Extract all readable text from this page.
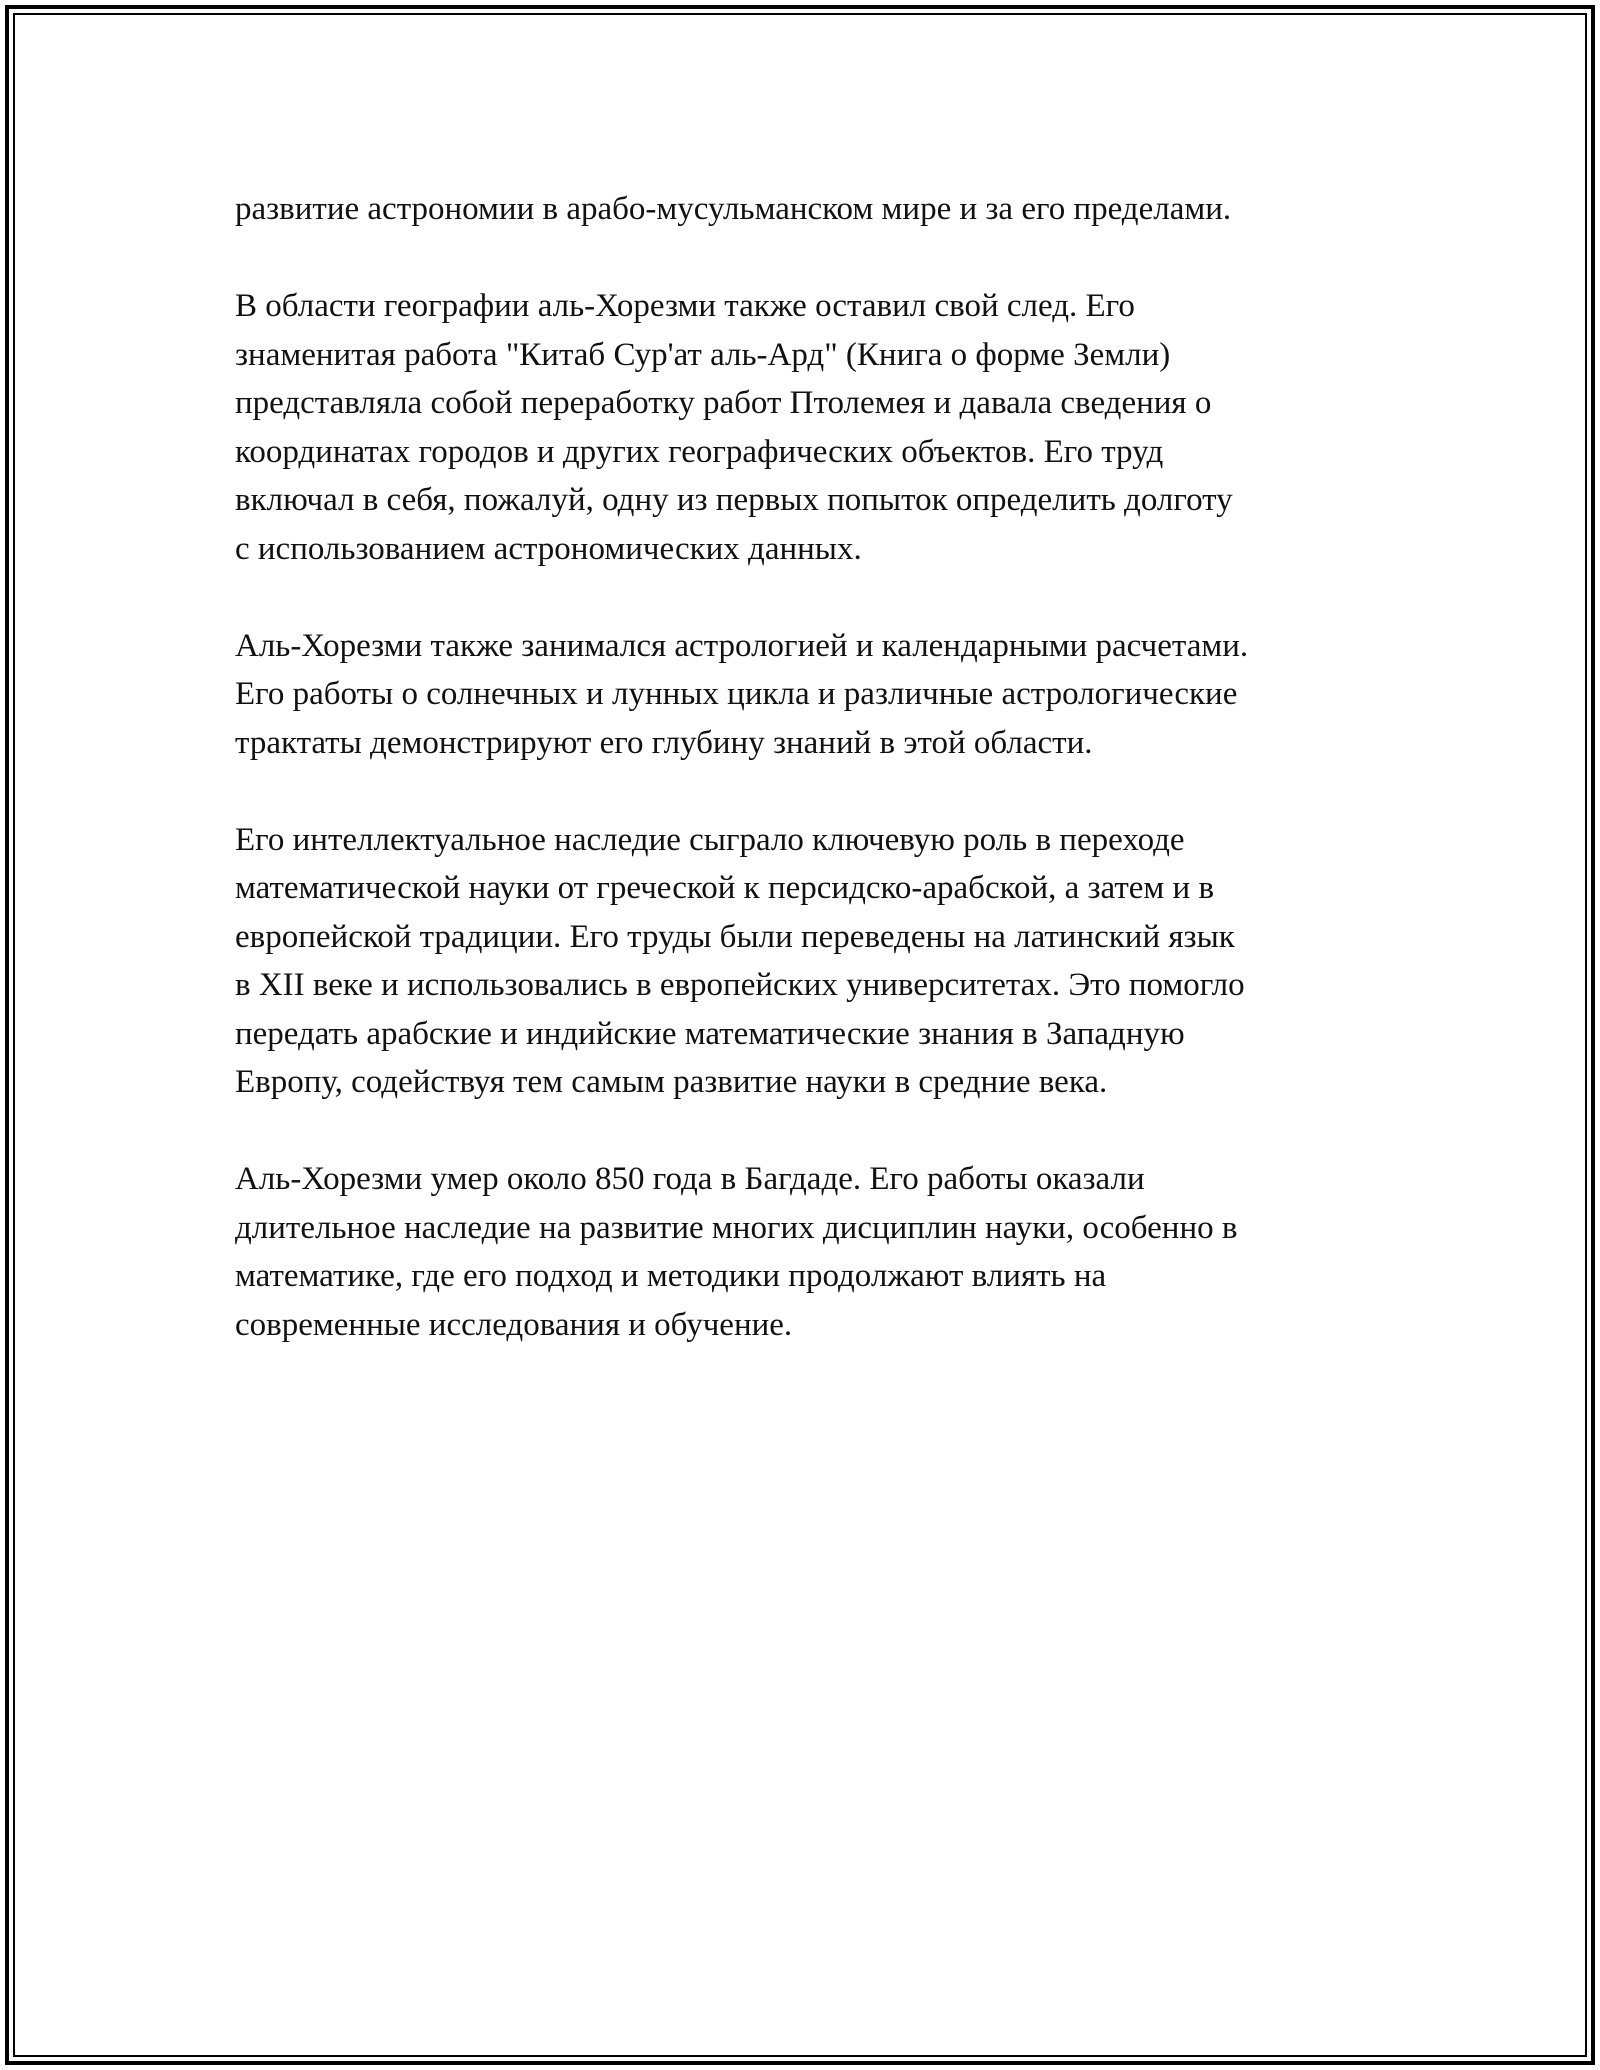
развитие астрономии в арабо-мусульманском мире и за его пределами.

В области географии аль-Хорезми также оставил свой след. Его
знаменитая работа "Китаб Сур'ат аль-Ард" (Книга о форме Земли)
представляла собой переработку работ Птолемея и давала сведения о
координатах городов и других географических объектов. Его труд
включал в себя, пожалуй, одну из первых попыток определить долготу
с использованием астрономических данных.

Аль-Хорезми также занимался астрологией и календарными расчетами.
Его работы о солнечных и лунных цикла и различные астрологические
трактаты демонстрируют его глубину знаний в этой области.

Его интеллектуальное наследие сыграло ключевую роль в переходе
математической науки от греческой к персидско-арабской, а затем и в
европейской традиции. Его труды были переведены на латинский язык
в XII веке и использовались в европейских университетах. Это помогло
передать арабские и индийские математические знания в Западную
Европу, содействуя тем самым развитие науки в средние века.

Аль-Хорезми умер около 850 года в Багдаде. Его работы оказали
длительное наследие на развитие многих дисциплин науки, особенно в
математике, где его подход и методики продолжают влиять на
современные исследования и обучение.
